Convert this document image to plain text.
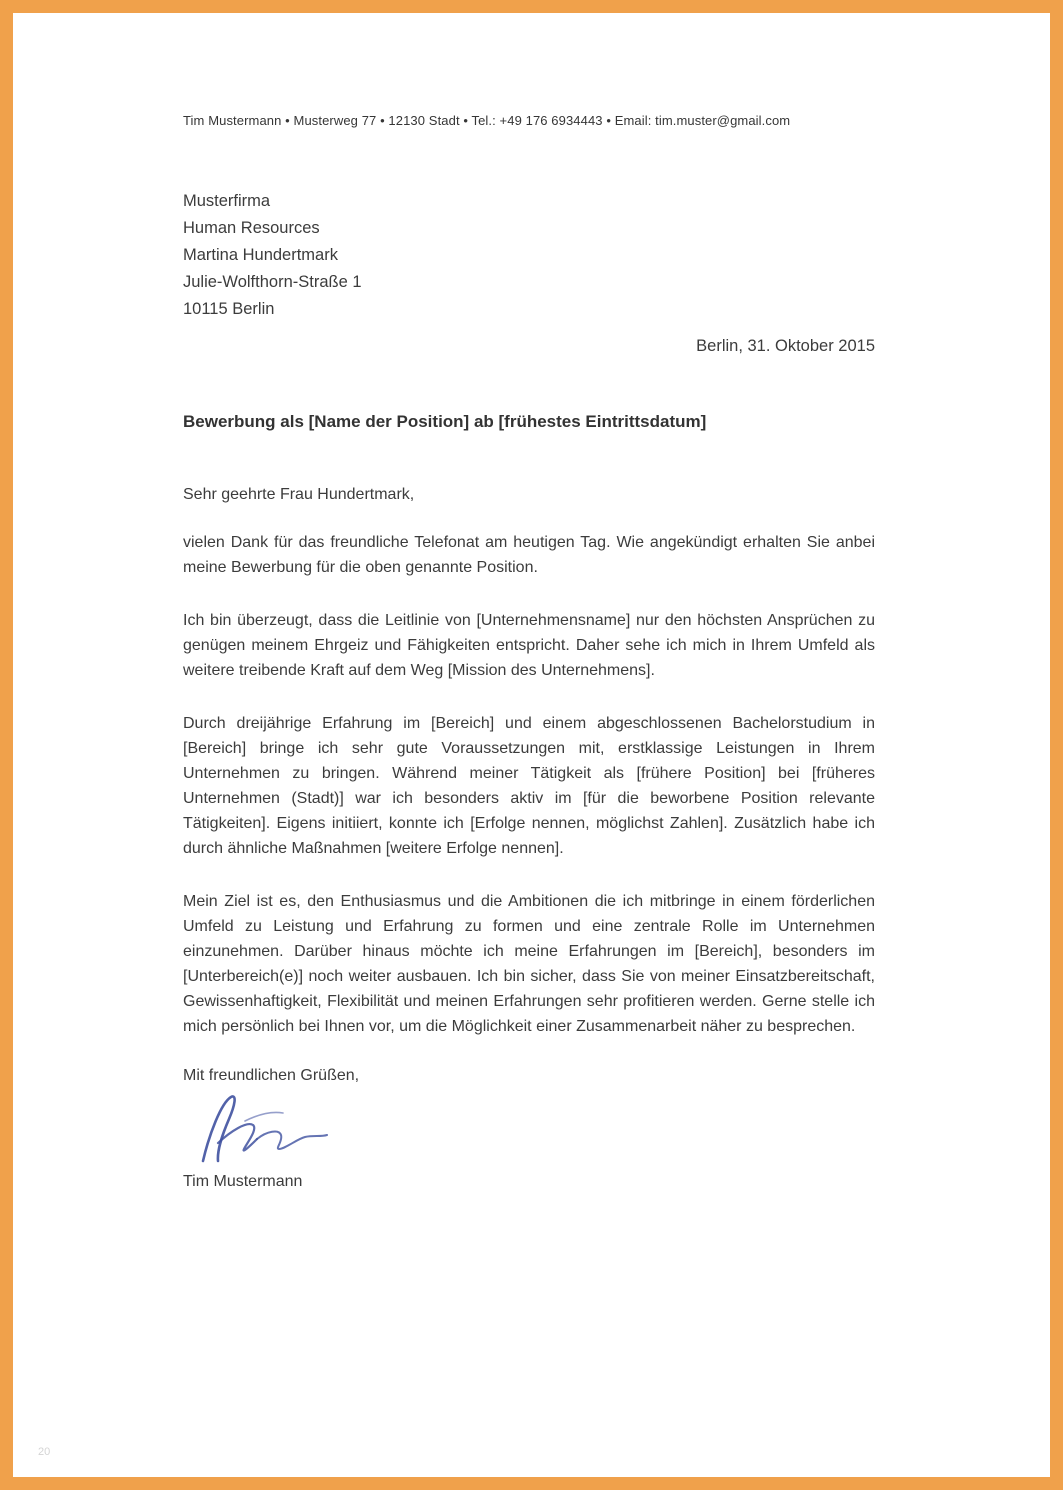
Tim Mustermann • Musterweg 77 • 12130 Stadt • Tel.: +49 176 6934443 • Email: tim.muster@gmail.com
Musterfirma
Human Resources
Martina Hundertmark
Julie-Wolfthorn-Straße 1
10115 Berlin
Berlin, 31. Oktober 2015
Bewerbung als [Name der Position] ab [frühestes Eintrittsdatum]
Sehr geehrte Frau Hundertmark,

vielen Dank für das freundliche Telefonat am heutigen Tag. Wie angekündigt erhalten Sie anbei meine Bewerbung für die oben genannte Position.

Ich bin überzeugt, dass die Leitlinie von [Unternehmensname] nur den höchsten Ansprüchen zu genügen meinem Ehrgeiz und Fähigkeiten entspricht. Daher sehe ich mich in Ihrem Umfeld als weitere treibende Kraft auf dem Weg [Mission des Unternehmens].

Durch dreijährige Erfahrung im [Bereich] und einem abgeschlossenen Bachelorstudium in [Bereich] bringe ich sehr gute Voraussetzungen mit, erstklassige Leistungen in Ihrem Unternehmen zu bringen. Während meiner Tätigkeit als [frühere Position] bei [früheres Unternehmen (Stadt)] war ich besonders aktiv im [für die beworbene Position relevante Tätigkeiten]. Eigens initiiert, konnte ich [Erfolge nennen, möglichst Zahlen]. Zusätzlich habe ich durch ähnliche Maßnahmen [weitere Erfolge nennen].

Mein Ziel ist es, den Enthusiasmus und die Ambitionen die ich mitbringe in einem förderlichen Umfeld zu Leistung und Erfahrung zu formen und eine zentrale Rolle im Unternehmen einzunehmen. Darüber hinaus möchte ich meine Erfahrungen im [Bereich], besonders im [Unterbereich(e)] noch weiter ausbauen. Ich bin sicher, dass Sie von meiner Einsatzbereitschaft, Gewissenhaftigkeit, Flexibilität und meinen Erfahrungen sehr profitieren werden. Gerne stelle ich mich persönlich bei Ihnen vor, um die Möglichkeit einer Zusammenarbeit näher zu besprechen.

Mit freundlichen Grüßen,
Tim Mustermann
20
